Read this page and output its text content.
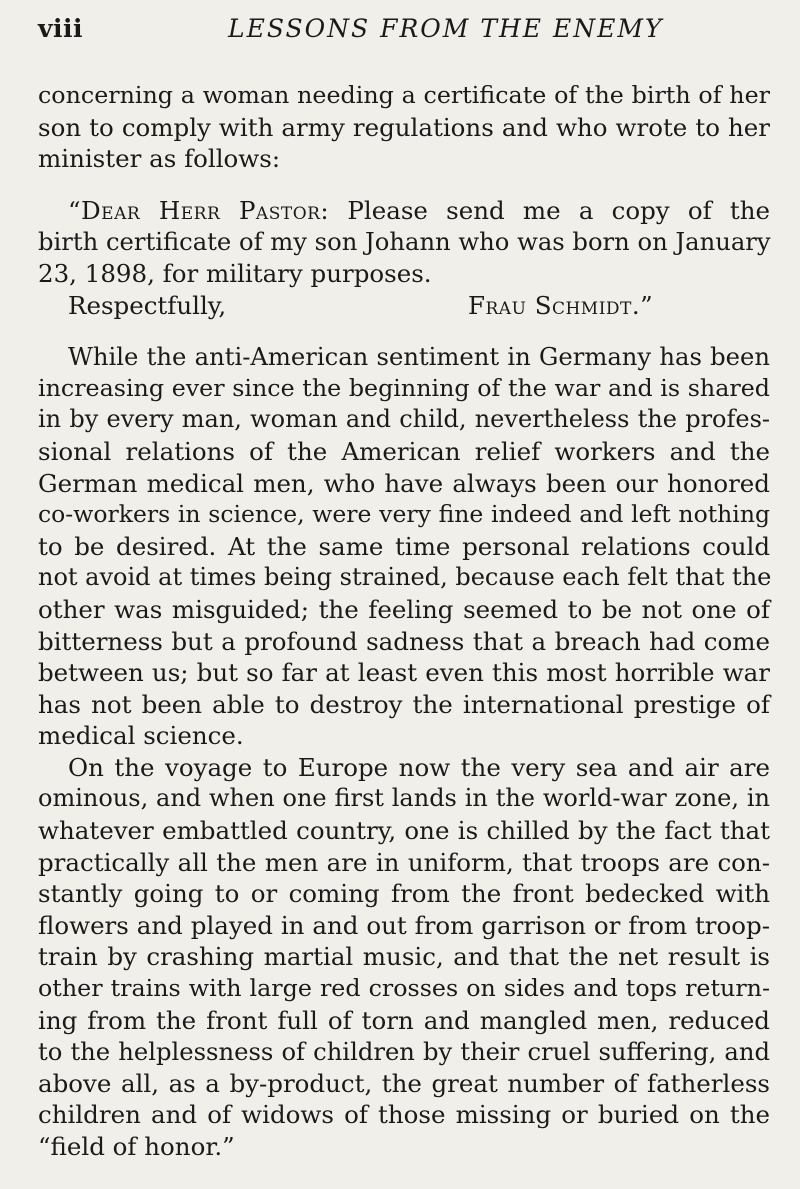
viii	LESSONS FROM THE ENEMY

concerning a woman needing a certificate of the birth of her
son to comply with army regulations and who wrote to her
minister as follows:

“Dear Herr Pastor: Please send me a copy of the
birth certificate of my son Johann who was born on January
23, 1898, for military purposes.
Respectfully,	Frau Schmidt.”

While the anti-American sentiment in Germany has been
increasing ever since the beginning of the war and is shared
in by every man, woman and child, nevertheless the profes-
sional relations of the American relief workers and the
German medical men, who have always been our honored
co-workers in science, were very fine indeed and left nothing
to be desired. At the same time personal relations could
not avoid at times being strained, because each felt that the
other was misguided; the feeling seemed to be not one of
bitterness but a profound sadness that a breach had come
between us; but so far at least even this most horrible war
has not been able to destroy the international prestige of
medical science.

On the voyage to Europe now the very sea and air are
ominous, and when one first lands in the world-war zone, in
whatever embattled country, one is chilled by the fact that
practically all the men are in uniform, that troops are con-
stantly going to or coming from the front bedecked with
flowers and played in and out from garrison or from troop-
train by crashing martial music, and that the net result is
other trains with large red crosses on sides and tops return-
ing from the front full of torn and mangled men, reduced
to the helplessness of children by their cruel suffering, and
above all, as a by-product, the great number of fatherless
children and of widows of those missing or buried on the
“field of honor.”
